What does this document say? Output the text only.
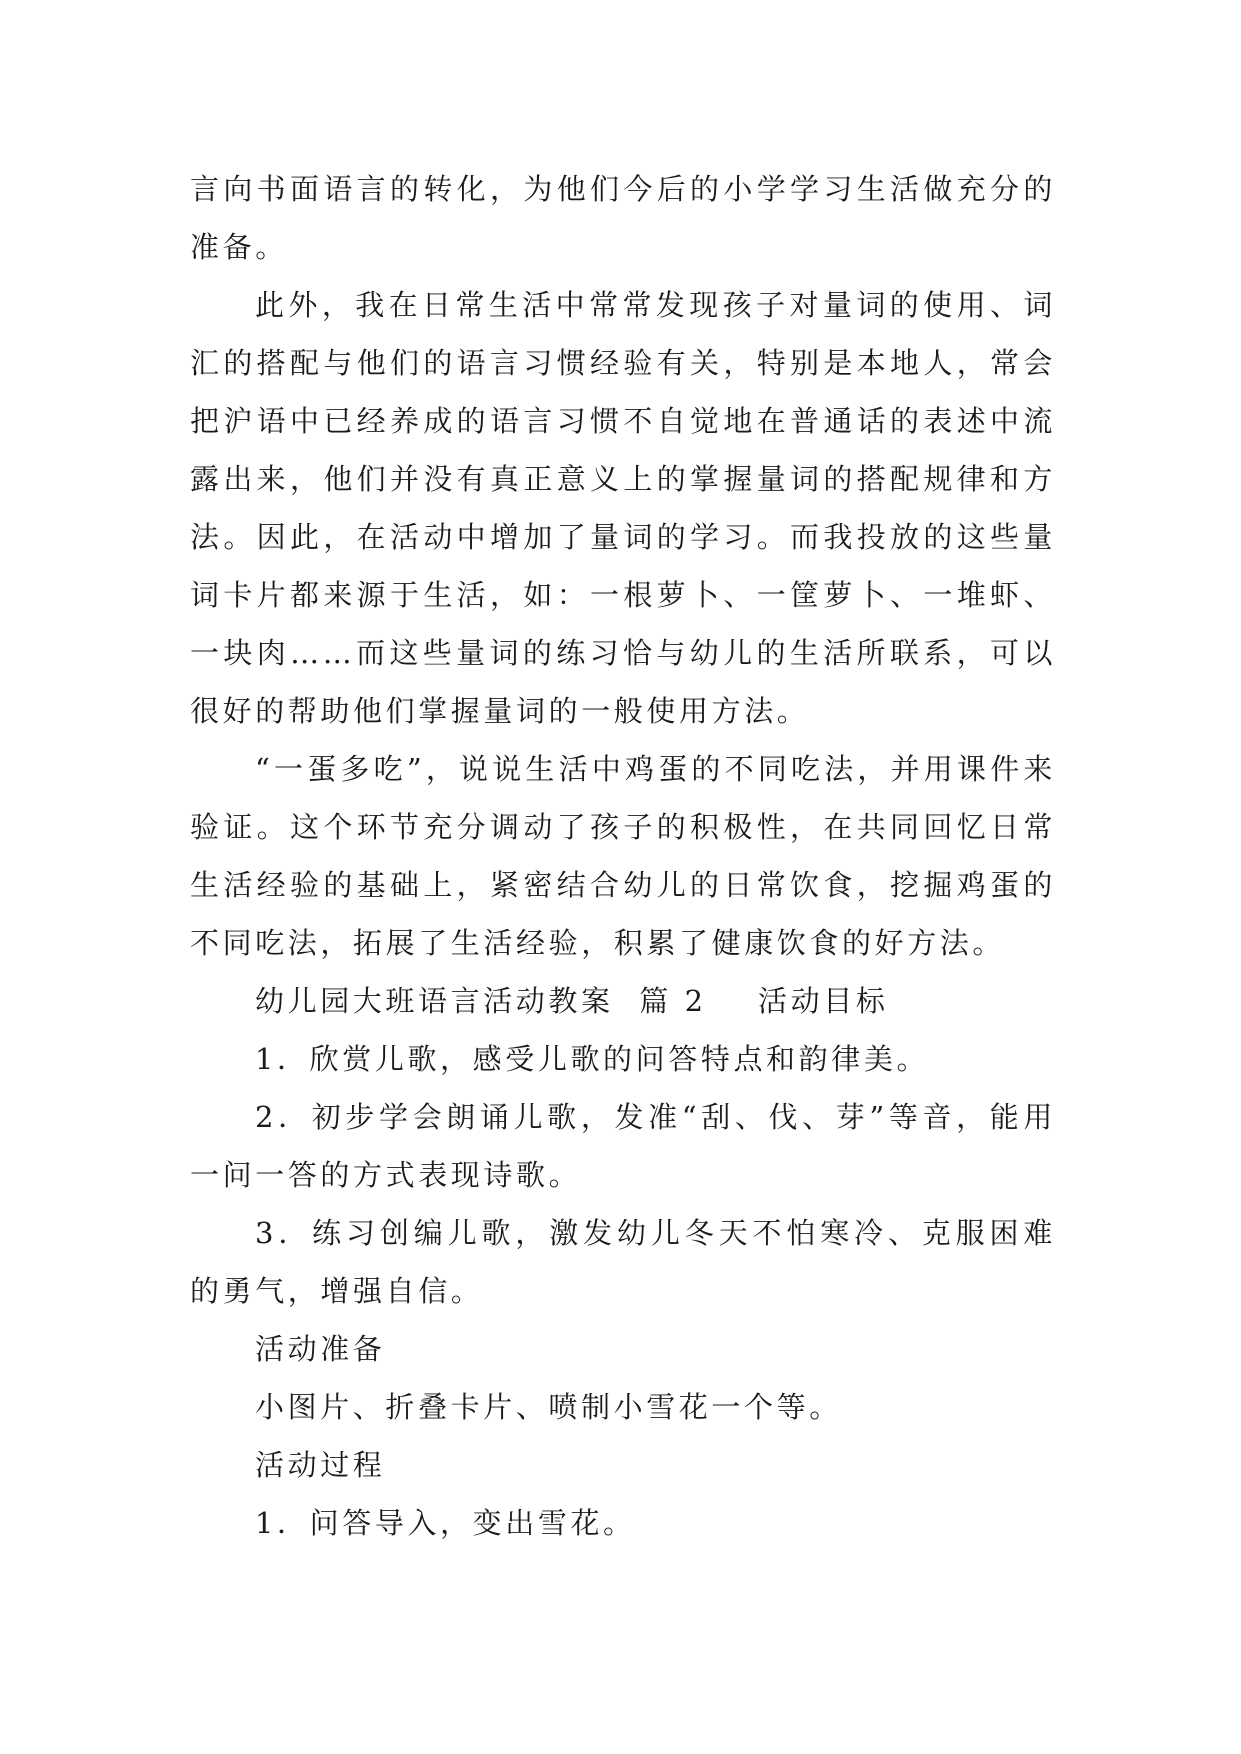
言向书面语言的转化，为他们今后的小学学习生活做充分的准备。

此外，我在日常生活中常常发现孩子对量词的使用、词汇的搭配与他们的语言习惯经验有关，特别是本地人，常会把沪语中已经养成的语言习惯不自觉地在普通话的表述中流露出来，他们并没有真正意义上的掌握量词的搭配规律和方法。因此，在活动中增加了量词的学习。而我投放的这些量词卡片都来源于生活，如：一根萝卜、一筐萝卜、一堆虾、一块肉……而这些量词的练习恰与幼儿的生活所联系，可以很好的帮助他们掌握量词的一般使用方法。

“一蛋多吃”，说说生活中鸡蛋的不同吃法，并用课件来验证。这个环节充分调动了孩子的积极性，在共同回忆日常生活经验的基础上，紧密结合幼儿的日常饮食，挖掘鸡蛋的不同吃法，拓展了生活经验，积累了健康饮食的好方法。

幼儿园大班语言活动教案 篇 2 活动目标

1．欣赏儿歌，感受儿歌的问答特点和韵律美。

2．初步学会朗诵儿歌，发准“刮、伐、芽”等音，能用一问一答的方式表现诗歌。

3．练习创编儿歌，激发幼儿冬天不怕寒冷、克服困难的勇气，增强自信。

活动准备

小图片、折叠卡片、喷制小雪花一个等。

活动过程

1．问答导入，变出雪花。
